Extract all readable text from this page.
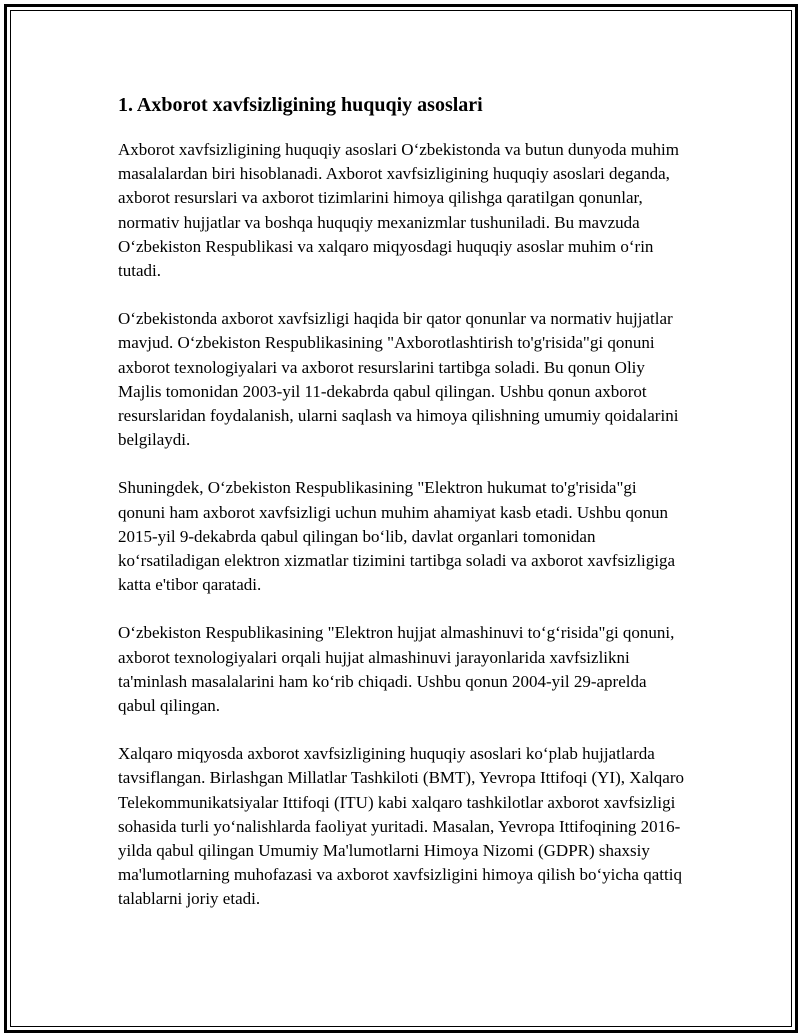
1. Axborot xavfsizligining huquqiy asoslari

Axborot xavfsizligining huquqiy asoslari O‘zbekistonda va butun dunyoda muhim masalalardan biri hisoblanadi. Axborot xavfsizligining huquqiy asoslari deganda, axborot resurslari va axborot tizimlarini himoya qilishga qaratilgan qonunlar, normativ hujjatlar va boshqa huquqiy mexanizmlar tushuniladi. Bu mavzuda O‘zbekiston Respublikasi va xalqaro miqyosdagi huquqiy asoslar muhim o‘rin tutadi.

O‘zbekistonda axborot xavfsizligi haqida bir qator qonunlar va normativ hujjatlar mavjud. O‘zbekiston Respublikasining "Axborotlashtirish to'g'risida"gi qonuni axborot texnologiyalari va axborot resurslarini tartibga soladi. Bu qonun Oliy Majlis tomonidan 2003-yil 11-dekabrda qabul qilingan. Ushbu qonun axborot resurslaridan foydalanish, ularni saqlash va himoya qilishning umumiy qoidalarini belgilaydi.

Shuningdek, O‘zbekiston Respublikasining "Elektron hukumat to'g'risida"gi qonuni ham axborot xavfsizligi uchun muhim ahamiyat kasb etadi. Ushbu qonun 2015-yil 9-dekabrda qabul qilingan bo‘lib, davlat organlari tomonidan ko‘rsatiladigan elektron xizmatlar tizimini tartibga soladi va axborot xavfsizligiga katta e'tibor qaratadi.

O‘zbekiston Respublikasining "Elektron hujjat almashinuvi to‘g‘risida"gi qonuni, axborot texnologiyalari orqali hujjat almashinuvi jarayonlarida xavfsizlikni ta'minlash masalalarini ham ko‘rib chiqadi. Ushbu qonun 2004-yil 29-aprelda qabul qilingan.

Xalqaro miqyosda axborot xavfsizligining huquqiy asoslari ko‘plab hujjatlarda tavsiflangan. Birlashgan Millatlar Tashkiloti (BMT), Yevropa Ittifoqi (YI), Xalqaro Telekommunikatsiyalar Ittifoqi (ITU) kabi xalqaro tashkilotlar axborot xavfsizligi sohasida turli yo‘nalishlarda faoliyat yuritadi. Masalan, Yevropa Ittifoqining 2016-yilda qabul qilingan Umumiy Ma'lumotlarni Himoya Nizomi (GDPR) shaxsiy ma'lumotlarning muhofazasi va axborot xavfsizligini himoya qilish bo‘yicha qattiq talablarni joriy etadi.
